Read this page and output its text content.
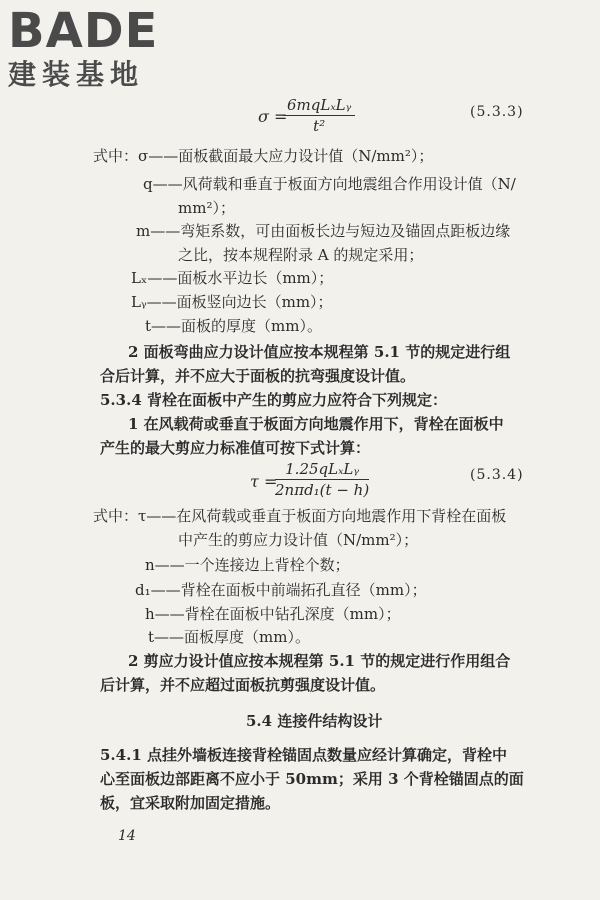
BADE
建装基地
σ =
6mqLₓLᵧ
t²
(5.3.3)
式中：σ——面板截面最大应力设计值（N/mm²）；
q——风荷载和垂直于板面方向地震组合作用设计值（N/
mm²）；
m——弯矩系数，可由面板长边与短边及锚固点距板边缘
之比，按本规程附录 A 的规定采用；
Lₓ——面板水平边长（mm）；
Lᵧ——面板竖向边长（mm）；
t——面板的厚度（mm）。
2 面板弯曲应力设计值应按本规程第 5.1 节的规定进行组
合后计算，并不应大于面板的抗弯强度设计值。
5.3.4 背栓在面板中产生的剪应力应符合下列规定：
1 在风载荷或垂直于板面方向地震作用下，背栓在面板中
产生的最大剪应力标准值可按下式计算：
τ =
1.25qLₓLᵧ
2nπd₁(t − h)
(5.3.4)
式中：τ——在风荷载或垂直于板面方向地震作用下背栓在面板
中产生的剪应力设计值（N/mm²）；
n——一个连接边上背栓个数；
d₁——背栓在面板中前端拓孔直径（mm）；
h——背栓在面板中钻孔深度（mm）；
t——面板厚度（mm）。
2 剪应力设计值应按本规程第 5.1 节的规定进行作用组合
后计算，并不应超过面板抗剪强度设计值。
5.4 连接件结构设计
5.4.1 点挂外墙板连接背栓锚固点数量应经计算确定，背栓中
心至面板边部距离不应小于 50mm；采用 3 个背栓锚固点的面
板，宜采取附加固定措施。
14
